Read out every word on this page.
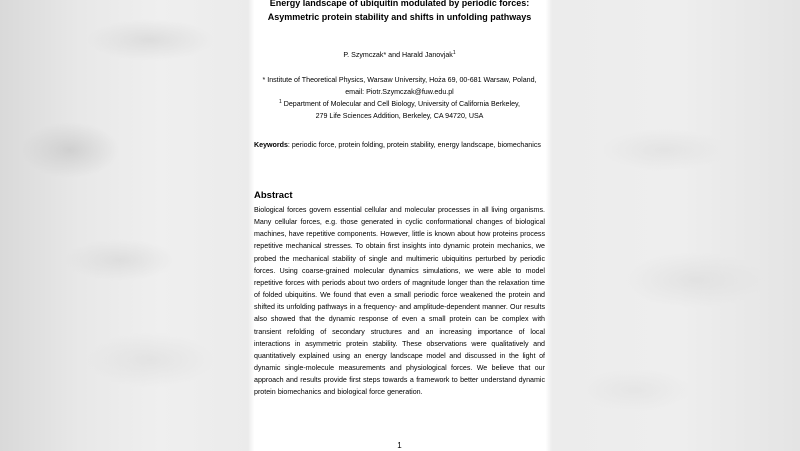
Energy landscape of ubiquitin modulated by periodic forces:
Asymmetric protein stability and shifts in unfolding pathways
P. Szymczak* and Harald Janovjak$^1$
* Institute of Theoretical Physics, Warsaw University, Hoża 69, 00-681 Warsaw, Poland,
email: Piotr.Szymczak@fuw.edu.pl
$^1$ Department of Molecular and Cell Biology, University of California Berkeley,
279 Life Sciences Addition, Berkeley, CA 94720, USA
Keywords: periodic force, protein folding, protein stability, energy landscape, biomechanics
Abstract

Biological forces govern essential cellular and molecular processes in all living organisms. Many cellular forces, e.g. those generated in cyclic conformational changes of biological machines, have repetitive components. However, little is known about how proteins process repetitive mechanical stresses. To obtain first insights into dynamic protein mechanics, we probed the mechanical stability of single and multimeric ubiquitins perturbed by periodic forces. Using coarse-grained molecular dynamics simulations, we were able to model repetitive forces with periods about two orders of magnitude longer than the relaxation time of folded ubiquitins. We found that even a small periodic force weakened the protein and shifted its unfolding pathways in a frequency- and amplitude-dependent manner. Our results also showed that the dynamic response of even a small protein can be complex with transient refolding of secondary structures and an increasing importance of local interactions in asymmetric protein stability. These observations were qualitatively and quantitatively explained using an energy landscape model and discussed in the light of dynamic single-molecule measurements and physiological forces. We believe that our approach and results provide first steps towards a framework to better understand dynamic protein biomechanics and biological force generation.

1
